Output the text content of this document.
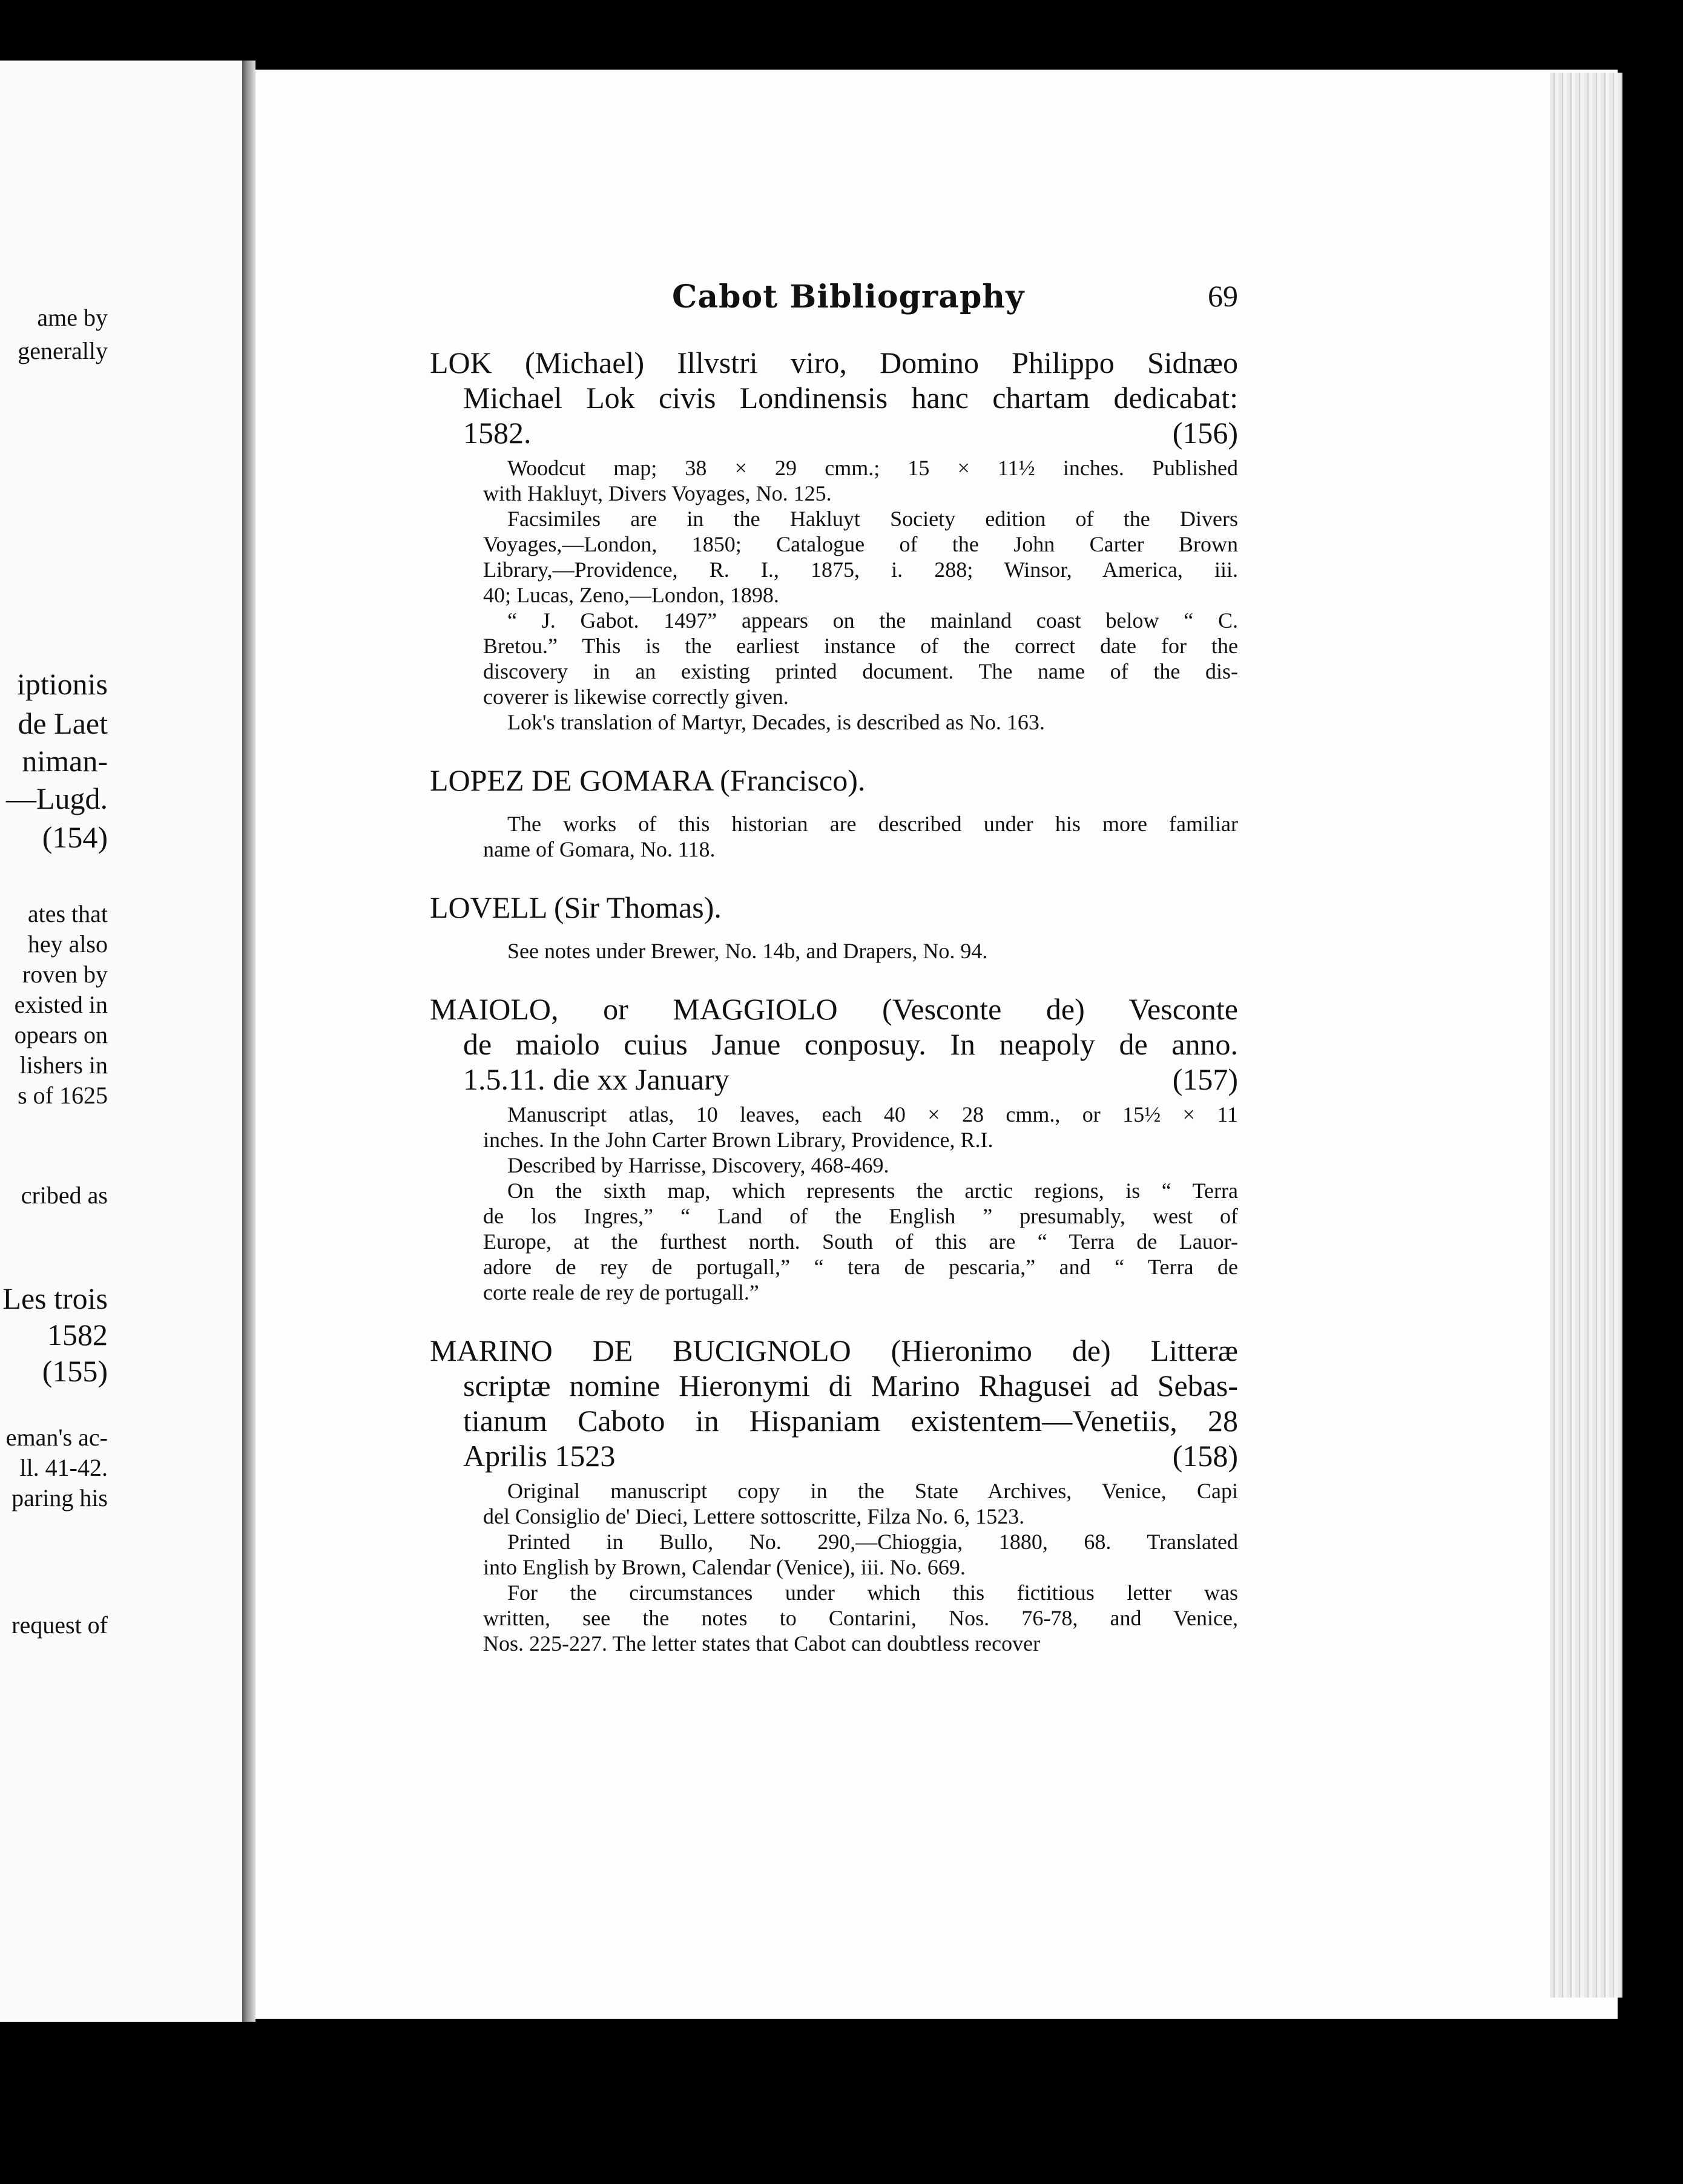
ame by
generally
iptionis
de Laet
niman-
—Lugd.
(154)
ates that
hey also
roven by
existed in
opears on
lishers in
s of 1625
cribed as
Les trois
1582
(155)
eman's ac-
ll. 41-42.
paring his
request of
Cabot Bibliography	69
LOK (Michael) Illvstri viro, Domino Philippo Sidnæo
Michael Lok civis Londinensis hanc chartam dedicabat:
1582.	(156)

Woodcut map; 38 × 29 cmm.; 15 × 11½ inches. Published
with Hakluyt, Divers Voyages, No. 125.

Facsimiles are in the Hakluyt Society edition of the Divers
Voyages,—London, 1850; Catalogue of the John Carter Brown
Library,—Providence, R. I., 1875, i. 288; Winsor, America, iii.
40; Lucas, Zeno,—London, 1898.

“ J. Gabot. 1497” appears on the mainland coast below “ C.
Bretou.” This is the earliest instance of the correct date for the
discovery in an existing printed document. The name of the dis-
coverer is likewise correctly given.

Lok's translation of Martyr, Decades, is described as No. 163.

LOPEZ DE GOMARA (Francisco).

The works of this historian are described under his more familiar
name of Gomara, No. 118.

LOVELL (Sir Thomas).

See notes under Brewer, No. 14b, and Drapers, No. 94.

MAIOLO, or MAGGIOLO (Vesconte de) Vesconte
de maiolo cuius Janue conposuy. In neapoly de anno.
1.5.11. die xx January	(157)

Manuscript atlas, 10 leaves, each 40 × 28 cmm., or 15½ × 11
inches. In the John Carter Brown Library, Providence, R.I.

Described by Harrisse, Discovery, 468-469.

On the sixth map, which represents the arctic regions, is “ Terra
de los Ingres,” “ Land of the English ” presumably, west of
Europe, at the furthest north. South of this are “ Terra de Lauor-
adore de rey de portugall,” “ tera de pescaria,” and “ Terra de
corte reale de rey de portugall.”

MARINO DE BUCIGNOLO (Hieronimo de) Litteræ
scriptæ nomine Hieronymi di Marino Rhagusei ad Sebas-
tianum Caboto in Hispaniam existentem—Venetiis, 28
Aprilis 1523	(158)

Original manuscript copy in the State Archives, Venice, Capi
del Consiglio de' Dieci, Lettere sottoscritte, Filza No. 6, 1523.

Printed in Bullo, No. 290,—Chioggia, 1880, 68. Translated
into English by Brown, Calendar (Venice), iii. No. 669.

For the circumstances under which this fictitious letter was
written, see the notes to Contarini, Nos. 76-78, and Venice,
Nos. 225-227. The letter states that Cabot can doubtless recover
